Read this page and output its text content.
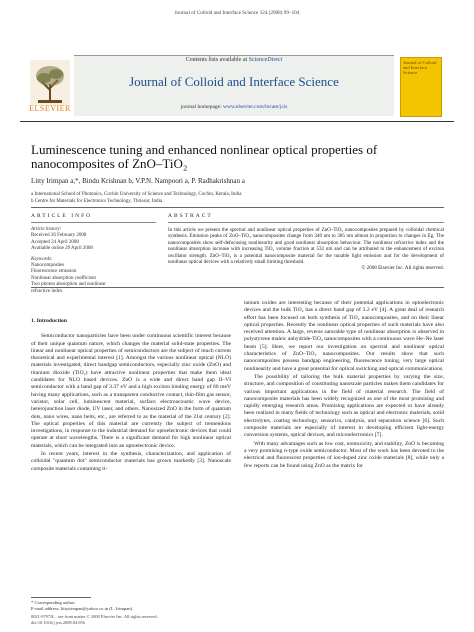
Journal of Colloid and Interface Science 324 (2008) 99–104
ELSEVIER
Contents lists available at ScienceDirect
Journal of Colloid and Interface Science
journal homepage: www.elsevier.com/locate/jcis
Journal of Colloid and Interface Science
Luminescence tuning and enhanced nonlinear optical properties of nanocomposites of ZnO–TiO₂
Litty Irimpan a,*, Bindu Krishnan b, V.P.N. Nampoori a, P. Radhakrishnan a
a International School of Photonics, Cochin University of Science and Technology, Cochin, Kerala, India
b Centre for Materials for Electronics Technology, Thrissur, India
ARTICLE INFO	ABSTRACT
Article history:
Received 26 February 2008
Accepted 24 April 2008
Available online 29 April 2008
Keywords:
Nanocomposites
Fluorescence emission
Nonlinear absorption coefficient
Two photon absorption and nonlinear
refractive index
In this article we present the spectral and nonlinear optical properties of ZnO–TiO₂ nanocomposites prepared by colloidal chemical synthesis. Emission peaks of ZnO–TiO₂ nanocomposites change from 340 nm to 385 nm almost in proportion to changes in Eg. The nanocomposites show self-defocusing nonlinearity and good nonlinear absorption behaviour. The nonlinear refractive index and the nonlinear absorption increase with increasing TiO₂ volume fraction at 532 nm and can be attributed to the enhancement of exciton oscillator strength. ZnO–TiO₂ is a potential nanocomposite material for the tunable light emission and for the development of nonlinear optical devices with a relatively small limiting threshold.
© 2008 Elsevier Inc. All rights reserved.

1. Introduction

Semiconductor nanoparticles have been under continuous scientific interest because of their unique quantum nature, which changes the material solid-state properties. The linear and nonlinear optical properties of semiconductors are the subject of much current theoretical and experimental interest [1]. Amongst the various nonlinear optical (NLO) materials investigated, direct bandgap semiconductors, especially zinc oxide (ZnO) and titanium dioxide (TiO₂) have attractive nonlinear properties that make them ideal candidates for NLO based devices. ZnO is a wide and direct band gap II–VI semiconductor with a band gap of 3.37 eV and a high exciton binding energy of 60 meV having many applications, such as a transparent conductive contact, thin-film gas sensor, varistor, solar cell, luminescent material, surface electroacoustic wave device, heterojunction laser diode, UV laser, and others. Nanosized ZnO in the form of quantum dots, nano wires, nano belts, etc., are referred to as the material of the 21st century [2]. The optical properties of this material are currently the subject of tremendous investigations, in response to the industrial demand for optoelectronic devices that could operate at short wavelengths. There is a significant demand for high nonlinear optical materials, which can be integrated into an optoelectronic device.

In recent years, interest in the synthesis, characterization, and application of colloidal "quantum dot" semiconductor materials has grown markedly [3]. Nanoscale composite materials containing ti-

tanium oxides are interesting because of their potential applications in optoelectronic devices and the bulk TiO₂ has a direct band gap of 3.2 eV [4]. A great deal of research effort has been focused on both synthesis of TiO₂ nanocomposites, and on their linear optical properties. Recently the nonlinear optical properties of such materials have also received attention. A large, reverse saturable type of nonlinear absorption is observed in polystyrene maleic anhydride-TiO₂ nanocomposites with a continuous wave He–Ne laser beam [5]. Here, we report our investigation on spectral and nonlinear optical characteristics of ZnO–TiO₂ nanocomposites. Our results show that such nanocomposites possess bandgap engineering, fluorescence tuning, very large optical nonlinearity and have a great potential for optical switching and optical communications.

The possibility of tailoring the bulk material properties by varying the size, structure, and composition of constituting nanoscale particles makes them candidates for various important applications in the field of material research. The field of nanocomposite materials has been widely recognized as one of the most promising and rapidly emerging research areas. Promising applications are expected or have already been realized in many fields of technology such as optical and electronic materials, solid electrolytes, coating technology, sensorics, catalysis, and separation science [6]. Such composite materials are especially of interest in developing efficient light-energy conversion systems, optical devices, and microelectronics [7].

With many advantages such as low cost, nontoxicity, and stability, ZnO is becoming a very promising n-type oxide semiconductor. Most of the work has been devoted to the electrical and fluorescent properties of ion-doped zinc oxide materials [8], while only a few reports can be found using ZnO as the matrix for

* Corresponding author.
E-mail address: littyirimpan@yahoo.co.in (L. Irimpan).
0021-9797/$ – see front matter © 2008 Elsevier Inc. All rights reserved.
doi:10.1016/j.jcis.2008.04.056
